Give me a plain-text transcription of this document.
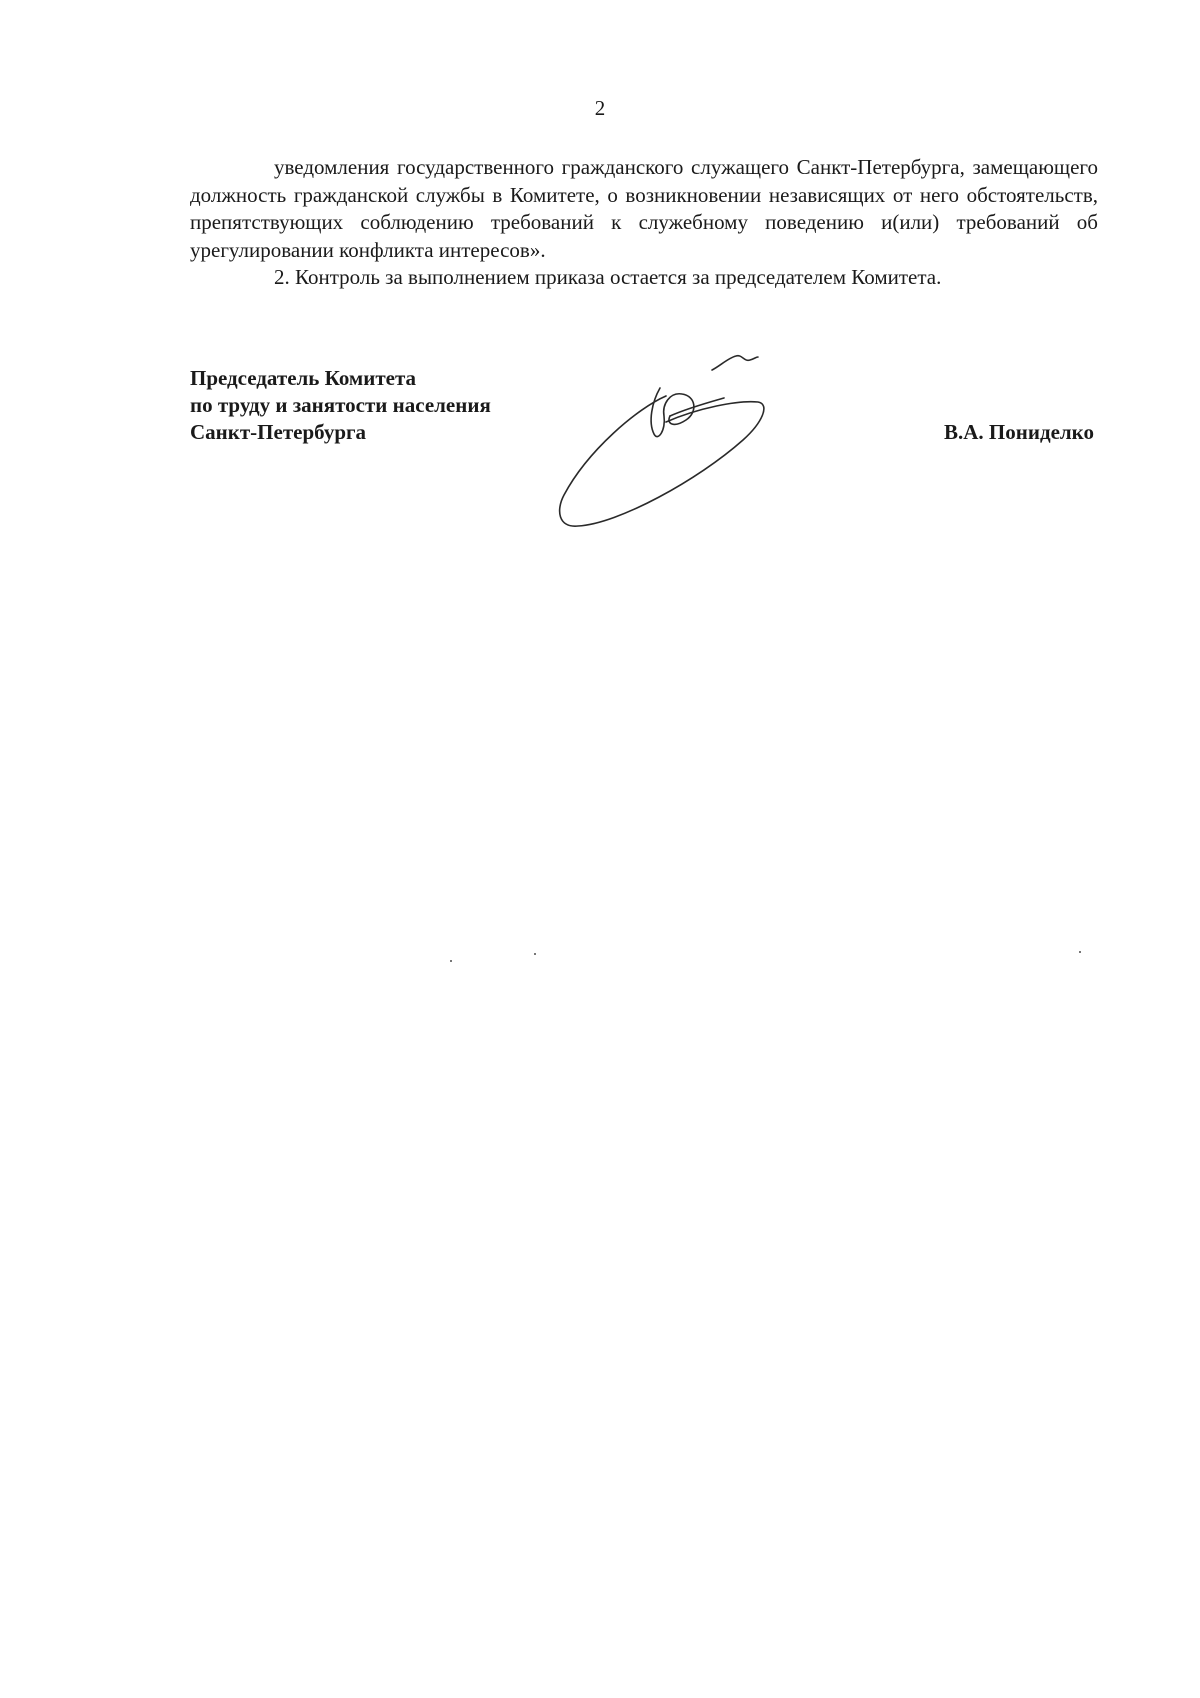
2

уведомления государственного гражданского служащего Санкт-Петербурга, замещающего должность гражданской службы в Комитете, о возникновении независящих от него обстоятельств, препятствующих соблюдению требований к служебному поведению и(или) требований об урегулировании конфликта интересов».

2. Контроль за выполнением приказа остается за председателем Комитета.

Председатель Комитета
по труду и занятости населения
Санкт-Петербурга	В.А. Пониделко
